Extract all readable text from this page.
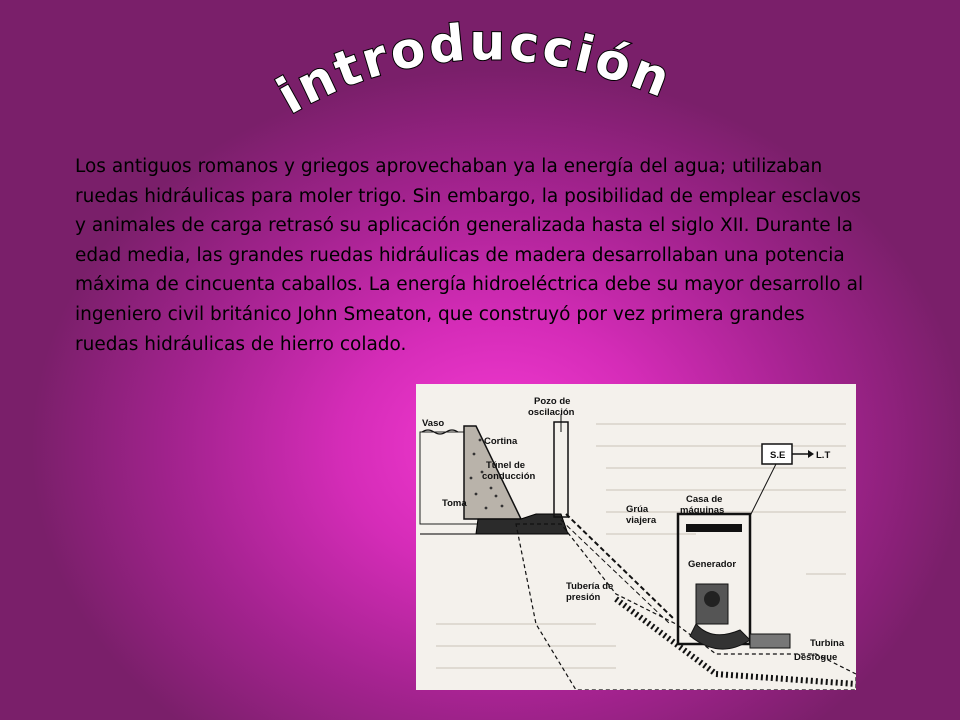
introducción

Los antiguos romanos y griegos aprovechaban ya la energía del agua; utilizaban ruedas hidráulicas para moler trigo. Sin embargo, la posibilidad de emplear esclavos y animales de carga retrasó su aplicación generalizada hasta el siglo XII. Durante la edad media, las grandes ruedas hidráulicas de madera desarrollaban una potencia máxima de cincuenta caballos. La energía hidroeléctrica debe su mayor desarrollo al ingeniero civil británico John Smeaton, que construyó por vez primera grandes ruedas hidráulicas de hierro colado.

Vaso
Cortina
Pozo de
oscilación
Túnel de
conducción
Toma
S.E	L.T
Casa de
máquinas
Grúa
viajera
Generador
Tubería de
presión
Turbina
Desfogue
